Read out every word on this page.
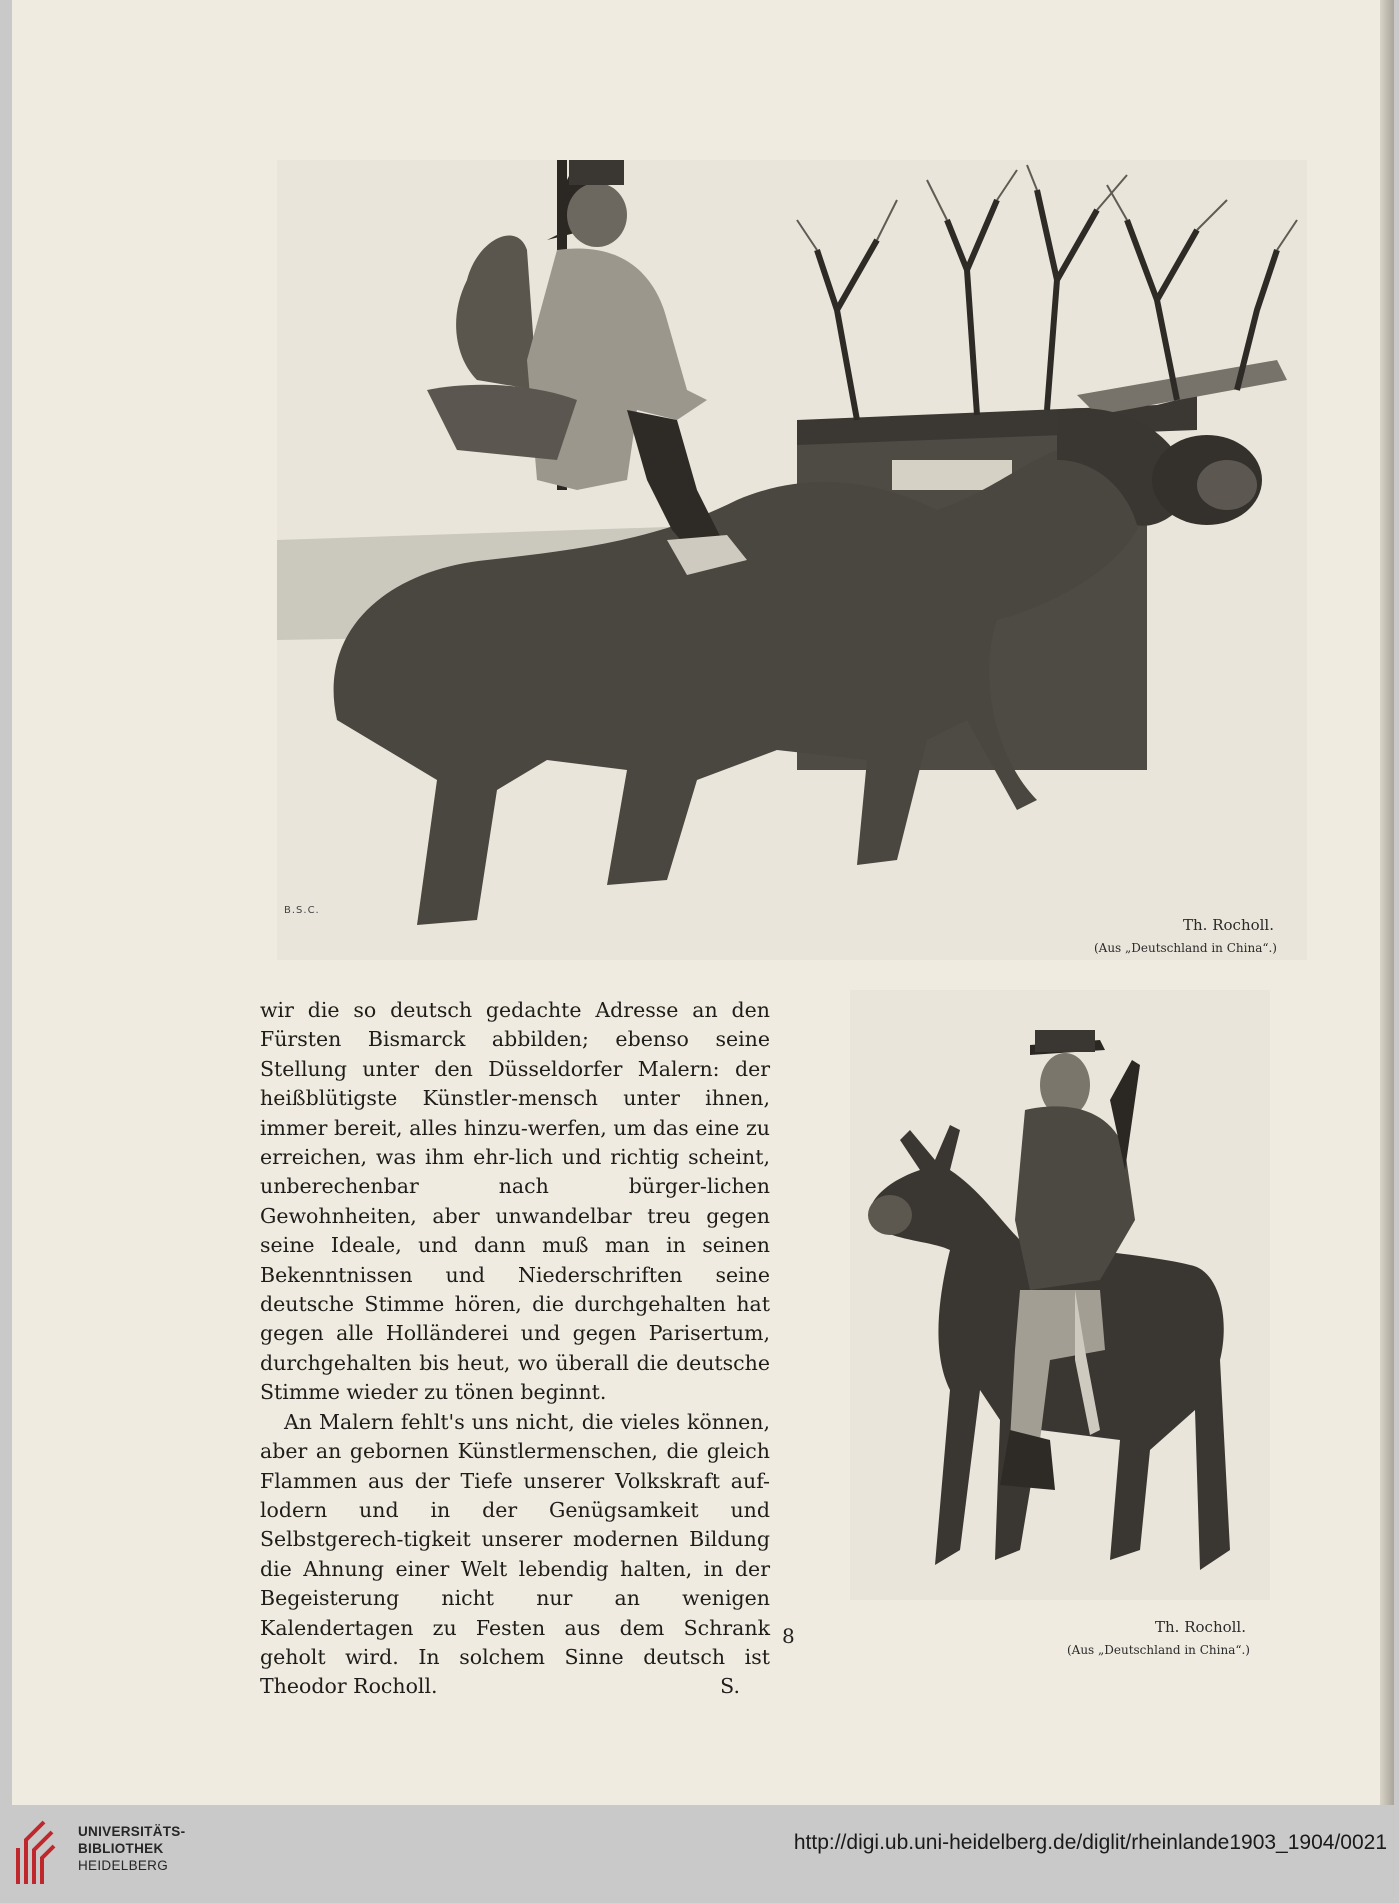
B.S.C.
Th. Rocholl.
(Aus „Deutschland in China“.)

wir die so deutsch gedachte Adresse an den Fürsten Bismarck abbilden; ebenso seine Stellung unter den Düsseldorfer Malern: der heißblütigste Künstler-mensch unter ihnen, immer bereit, alles hinzu-werfen, um das eine zu erreichen, was ihm ehr-lich und richtig scheint, unberechenbar nach bürger-lichen Gewohnheiten, aber unwandelbar treu gegen seine Ideale, und dann muß man in seinen Bekenntnissen und Niederschriften seine deutsche Stimme hören, die durchgehalten hat gegen alle Holländerei und gegen Parisertum, durchgehalten bis heut, wo überall die deutsche Stimme wieder zu tönen beginnt.

An Malern fehlt's uns nicht, die vieles können, aber an gebornen Künstlermenschen, die gleich Flammen aus der Tiefe unserer Volkskraft auf-lodern und in der Genügsamkeit und Selbstgerech-tigkeit unserer modernen Bildung die Ahnung einer Welt lebendig halten, in der Begeisterung nicht nur an wenigen Kalendertagen zu Festen aus dem Schrank geholt wird. In solchem Sinne deutsch ist Theodor Rocholl.	S.

8	Th. Rocholl.
(Aus „Deutschland in China“.)
UNIVERSITÄTS-
BIBLIOTHEK
HEIDELBERG
http://digi.ub.uni-heidelberg.de/diglit/rheinlande1903_1904/0021
